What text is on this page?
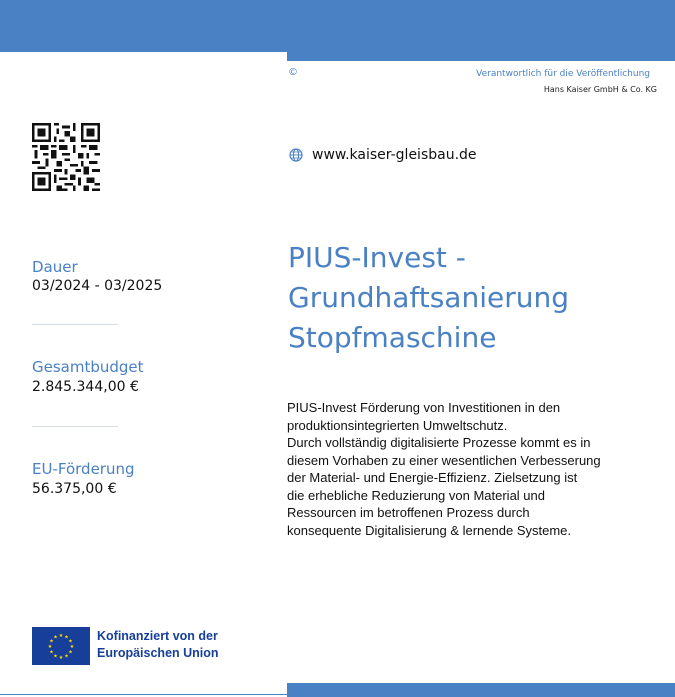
©	Verantwortlich für die Veröffentlichung
Hans Kaiser GmbH & Co. KG
www.kaiser-gleisbau.de
PIUS-Invest -
Grundhaftsanierung
Stopfmaschine
PIUS-Invest Förderung von Investitionen in den
produktionsintegrierten Umweltschutz.
Durch vollständig digitalisierte Prozesse kommt es in
diesem Vorhaben zu einer wesentlichen Verbesserung
der Material- und Energie-Effizienz. Zielsetzung ist
die erhebliche Reduzierung von Material und
Ressourcen im betroffenen Prozess durch
konsequente Digitalisierung & lernende Systeme.
Dauer
03/2024 - 03/2025
Gesamtbudget
2.845.344,00 €
EU-Förderung
56.375,00 €
★ ★
★
★
★
★
★
★
★
★
★
★	Kofinanziert von der
Europäischen Union
